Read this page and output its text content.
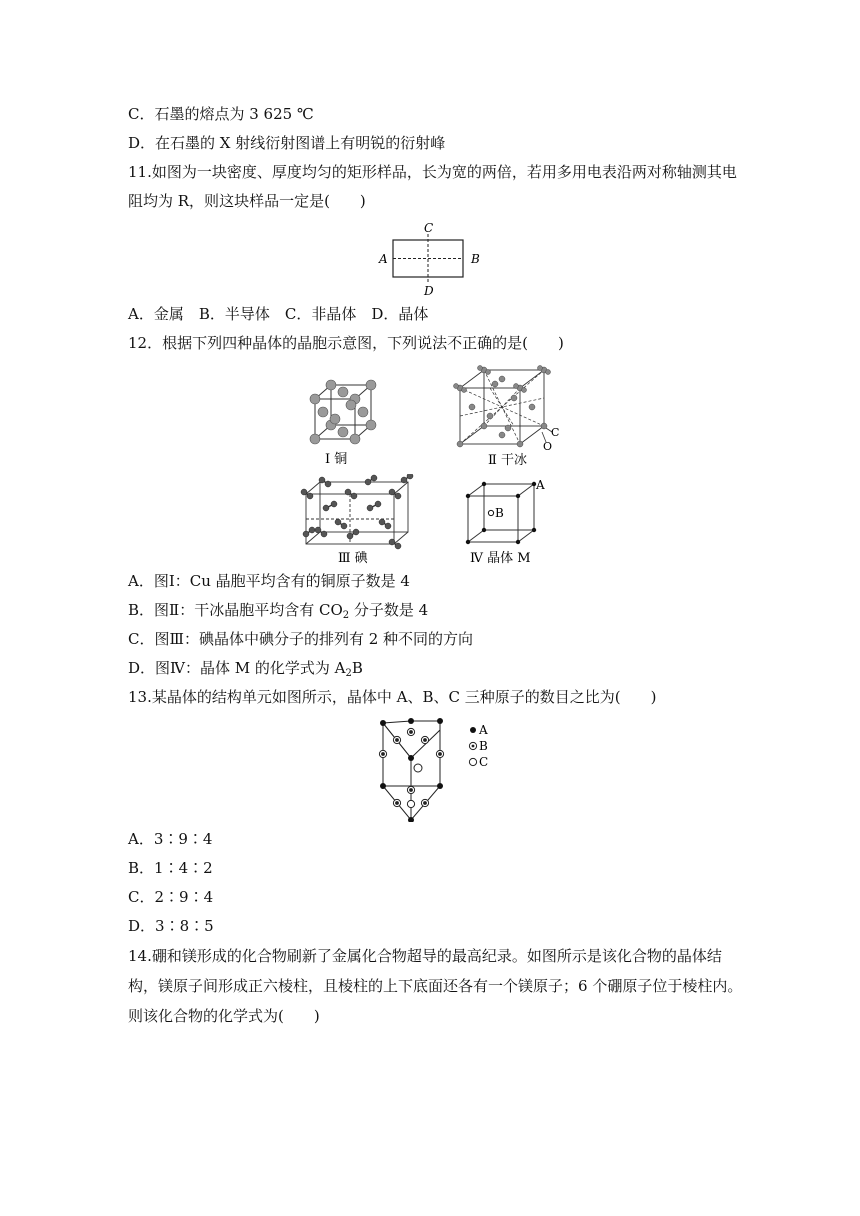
C．石墨的熔点为 3 625 ℃
D．在石墨的 X 射线衍射图谱上有明锐的衍射峰
11.如图为一块密度、厚度均匀的矩形样品，长为宽的两倍，若用多用电表沿两对称轴测其电
阻均为 R，则这块样品一定是(　　)
C
A	B
D
A．金属　B．半导体　C．非晶体　D．晶体
12．根据下列四种晶体的晶胞示意图，下列说法不正确的是(　　)
Ⅰ 铜
C
O
Ⅱ 干冰
Ⅲ 碘
A
B
Ⅳ 晶体 M
A．图Ⅰ：Cu 晶胞平均含有的铜原子数是 4
B．图Ⅱ：干冰晶胞平均含有 $CO_2$ 分子数是 4
C．图Ⅲ：碘晶体中碘分子的排列有 2 种不同的方向
D．图Ⅳ：晶体 M 的化学式为 $A_2B$
13.某晶体的结构单元如图所示，晶体中 A、B、C 三种原子的数目之比为(　　)
A
B
C
A．3∶9∶4
B．1∶4∶2
C．2∶9∶4
D．3∶8∶5
14.硼和镁形成的化合物刷新了金属化合物超导的最高纪录。如图所示是该化合物的晶体结
构，镁原子间形成正六棱柱，且棱柱的上下底面还各有一个镁原子；6 个硼原子位于棱柱内。
则该化合物的化学式为(　　)
